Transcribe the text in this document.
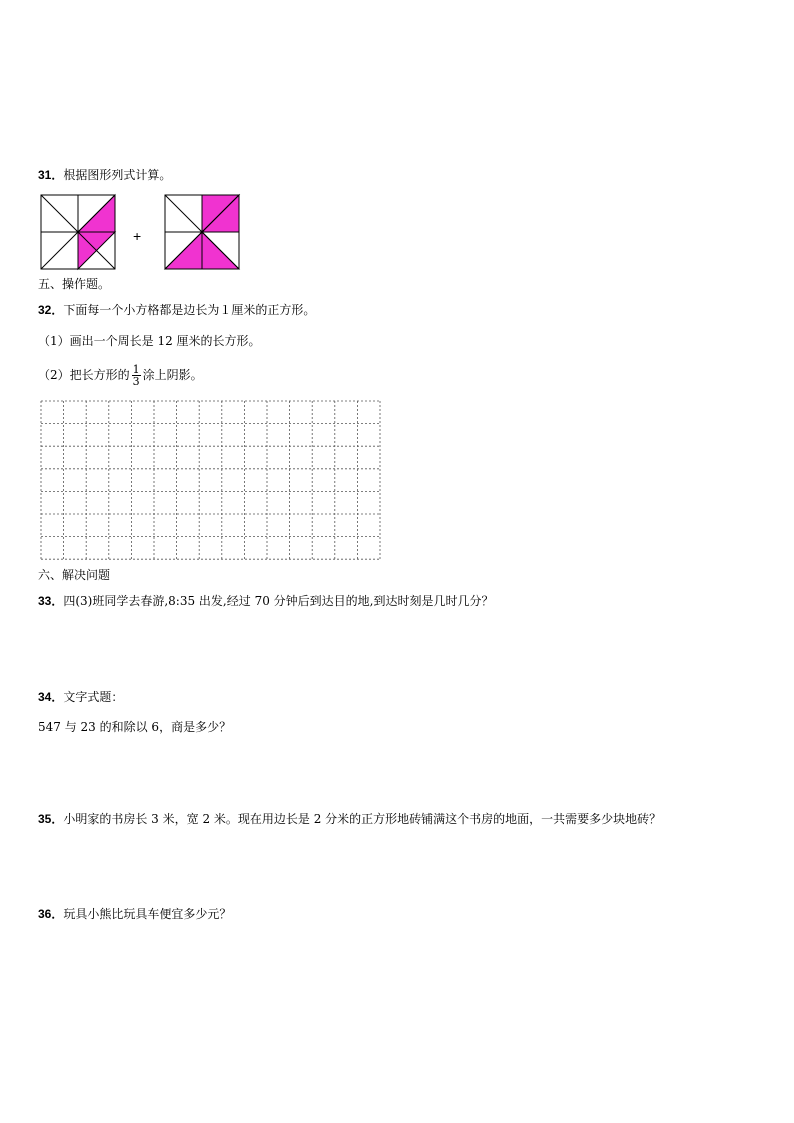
31．根据图形列式计算。
+
五、操作题。
32．下面每一个小方格都是边长为１厘米的正方形。
（1）画出一个周长是 12 厘米的长方形。
（2）把长方形的 $\frac{1}{3}$ 涂上阴影。
六、解决问题
33．四(3)班同学去春游,8:35 出发,经过 70 分钟后到达目的地,到达时刻是几时几分？
34．文字式题：
547 与 23 的和除以 6，商是多少？
35．小明家的书房长 3 米，宽 2 米。现在用边长是 2 分米的正方形地砖铺满这个书房的地面，一共需要多少块地砖？
36．玩具小熊比玩具车便宜多少元？
